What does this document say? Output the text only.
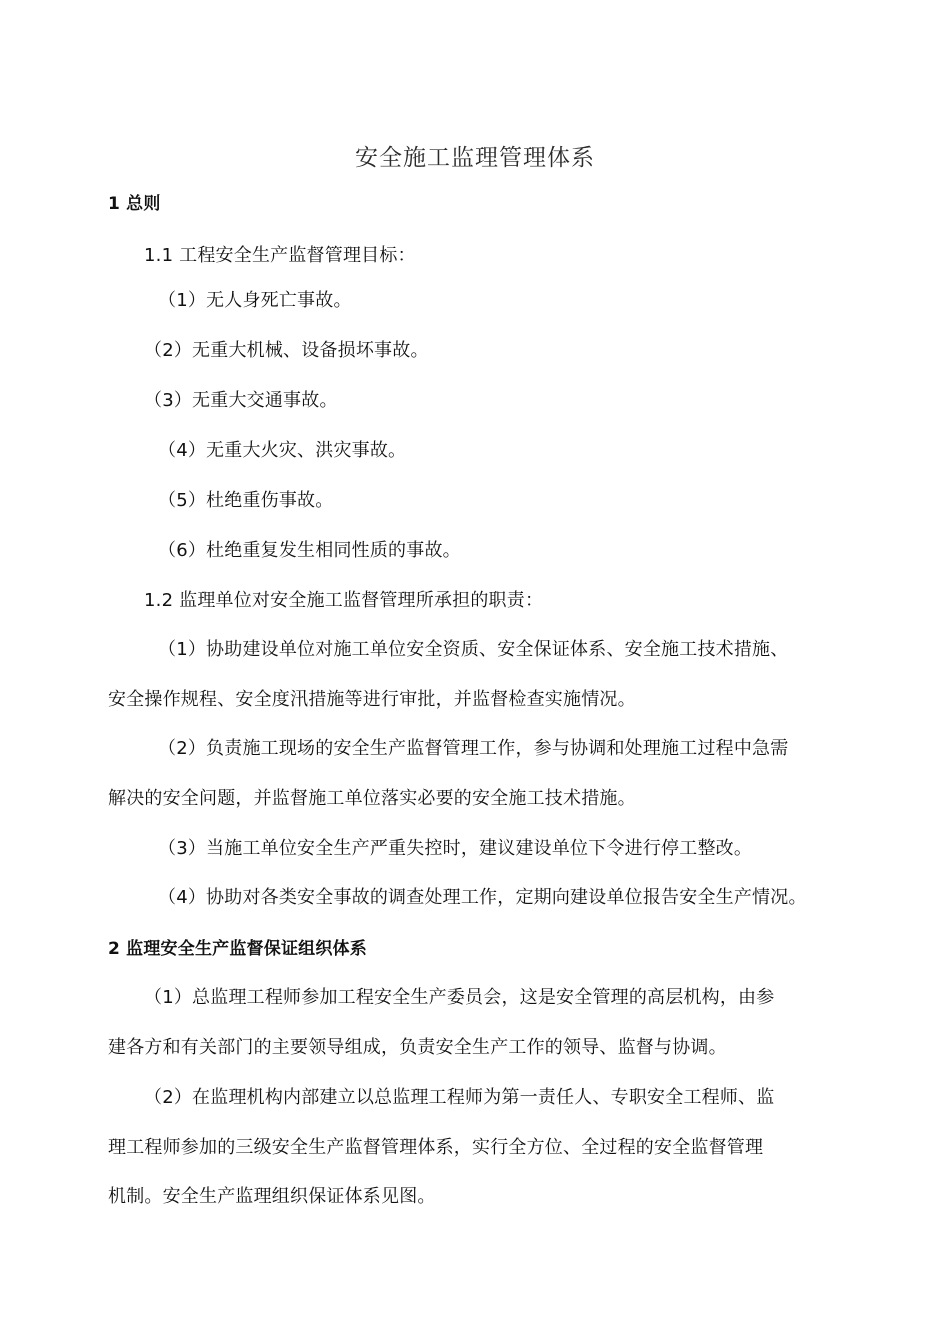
安全施工监理管理体系
1 总则
1.1 工程安全生产监督管理目标：
（1）无人身死亡事故。
（2）无重大机械、设备损坏事故。
（3）无重大交通事故。
（4）无重大火灾、洪灾事故。
（5）杜绝重伤事故。
（6）杜绝重复发生相同性质的事故。
1.2 监理单位对安全施工监督管理所承担的职责：
（1）协助建设单位对施工单位安全资质、安全保证体系、安全施工技术措施、
安全操作规程、安全度汛措施等进行审批，并监督检查实施情况。
（2）负责施工现场的安全生产监督管理工作，参与协调和处理施工过程中急需
解决的安全问题，并监督施工单位落实必要的安全施工技术措施。
（3）当施工单位安全生产严重失控时，建议建设单位下令进行停工整改。
（4）协助对各类安全事故的调查处理工作，定期向建设单位报告安全生产情况。
2 监理安全生产监督保证组织体系
（1）总监理工程师参加工程安全生产委员会，这是安全管理的高层机构，由参
建各方和有关部门的主要领导组成，负责安全生产工作的领导、监督与协调。
（2）在监理机构内部建立以总监理工程师为第一责任人、专职安全工程师、监
理工程师参加的三级安全生产监督管理体系，实行全方位、全过程的安全监督管理
机制。安全生产监理组织保证体系见图。
